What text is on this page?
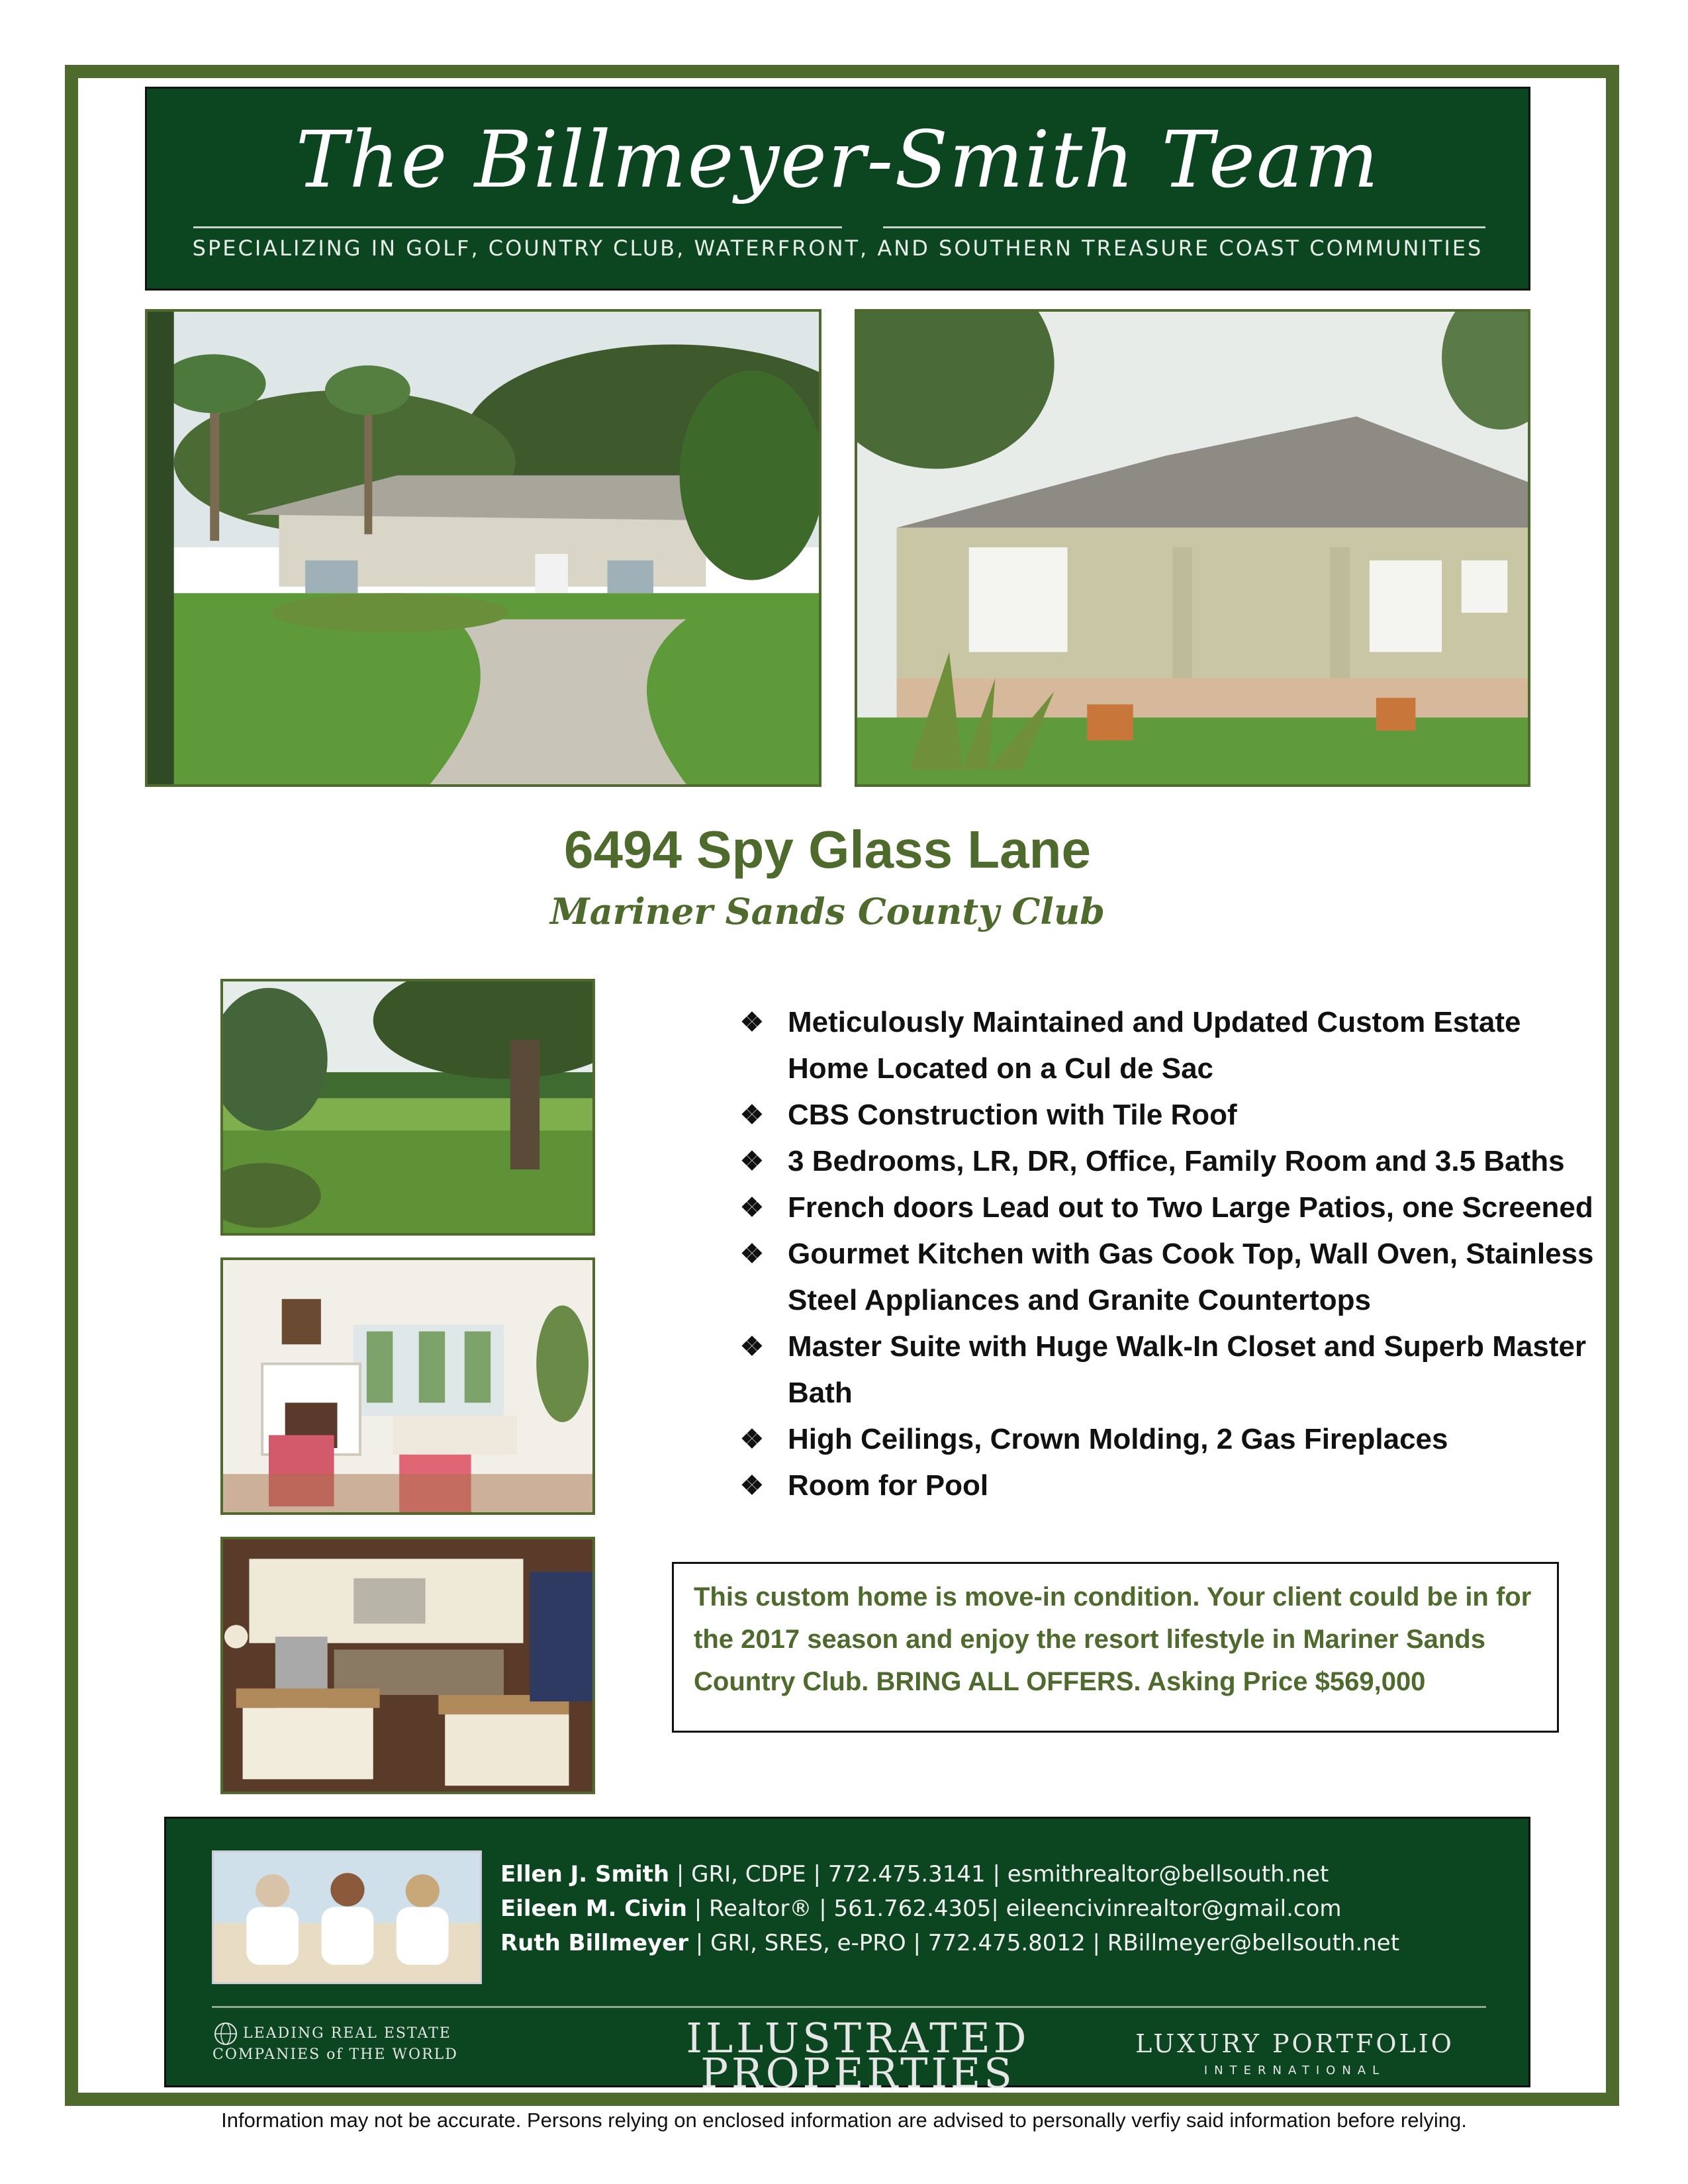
The Billmeyer-Smith Team
SPECIALIZING IN GOLF, COUNTRY CLUB, WATERFRONT, AND SOUTHERN TREASURE COAST COMMUNITIES
6494 Spy Glass Lane
Mariner Sands County Club
❖ Meticulously Maintained and Updated Custom Estate Home Located on a Cul de Sac
❖ CBS Construction with Tile Roof
❖ 3 Bedrooms, LR, DR, Office, Family Room and 3.5 Baths
❖ French doors Lead out to Two Large Patios, one Screened
❖ Gourmet Kitchen with Gas Cook Top, Wall Oven, Stainless Steel Appliances and Granite Countertops
❖ Master Suite with Huge Walk-In Closet and Superb Master Bath
❖ High Ceilings, Crown Molding, 2 Gas Fireplaces
❖ Room for Pool

This custom home is move-in condition. Your client could be in for the 2017 season and enjoy the resort lifestyle in Mariner Sands Country Club. BRING ALL OFFERS. Asking Price $569,000

Ellen J. Smith | GRI, CDPE | 772.475.3141 | esmithrealtor@bellsouth.net
Eileen M. Civin | Realtor® | 561.762.4305| eileencivinrealtor@gmail.com
Ruth Billmeyer | GRI, SRES, e-PRO | 772.475.8012 | RBillmeyer@bellsouth.net
LEADING REAL ESTATE COMPANIES of THE WORLD	ILLUSTRATED
PROPERTIES
LUXURY PORTFOLIO
INTERNATIONAL
Information may not be accurate. Persons relying on enclosed information are advised to personally verfiy said information before relying.
